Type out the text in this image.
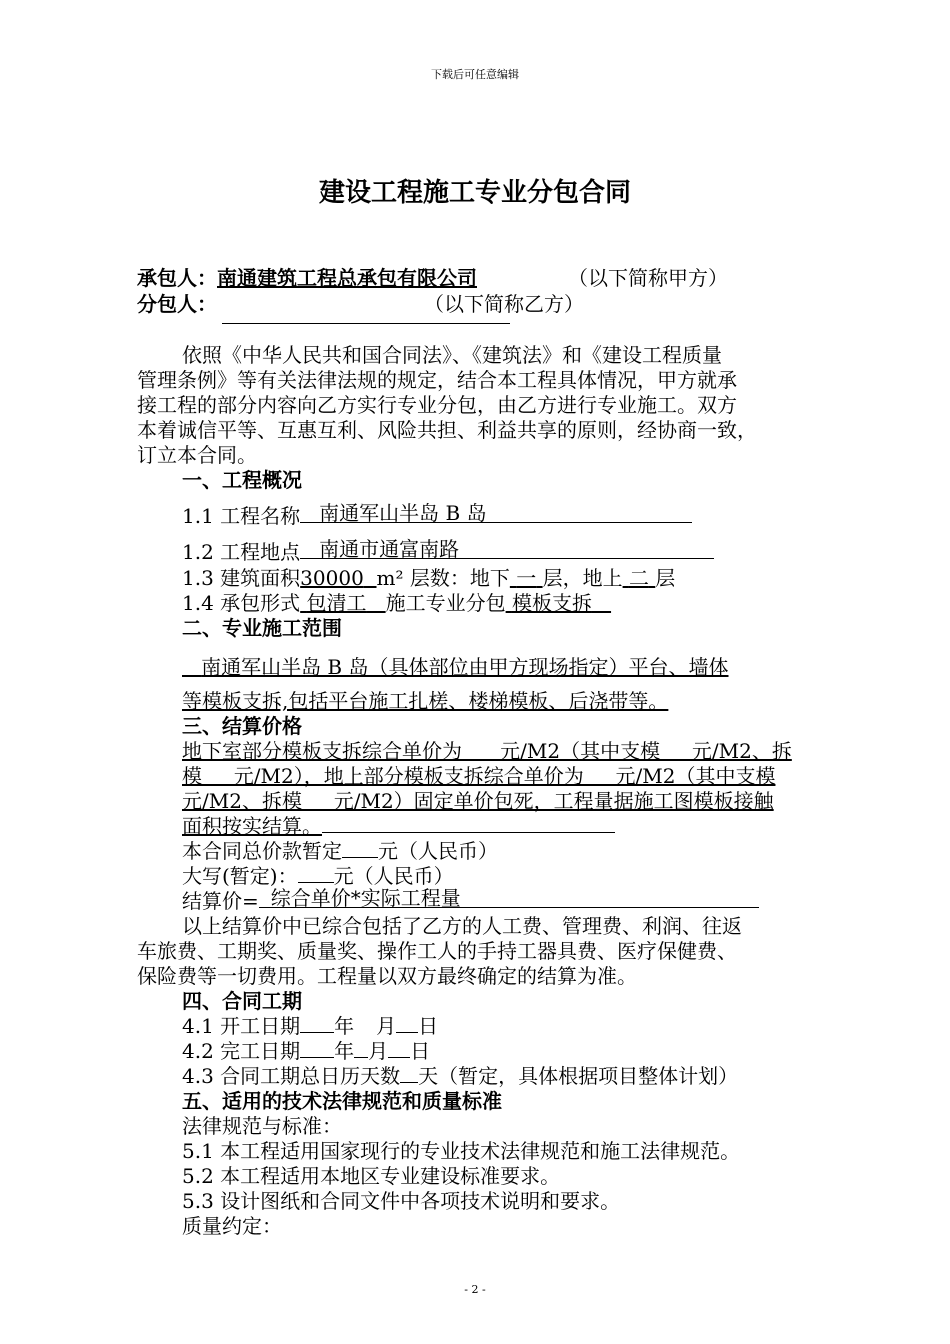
下载后可任意编辑
建设工程施工专业分包合同
承包人：南通建筑工程总承包有限公司	（以下简称甲方）
分包人：	（以下简称乙方）
依照《中华人民共和国合同法》、《建筑法》和《建设工程质量
管理条例》等有关法律法规的规定，结合本工程具体情况，甲方就承
接工程的部分内容向乙方实行专业分包，由乙方进行专业施工。双方
本着诚信平等、互惠互利、风险共担、利益共享的原则，经协商一致，
订立本合同。
一、工程概况
1.1 工程名称 南通军山半岛 B 岛
1.2 工程地点 南通市通富南路
1.3 建筑面积30000 m² 层数：地下 一 层，地上 二 层
1.4 承包形式 包清工 施工专业分包 模板支拆
二、专业施工范围
南通军山半岛 B 岛（具体部位由甲方现场指定）平台、墙体
等模板支拆,包括平台施工扎槎、楼梯模板、后浇带等。
三、结算价格
地下室部分模板支拆综合单价为      元/M2（其中支模     元/M2、拆
模     元/M2），地上部分模板支拆综合单价为     元/M2（其中支模
元/M2、拆模     元/M2）固定单价包死，工程量据施工图模板接触
面积按实结算。
本合同总价款暂定 元（人民币）
大写(暂定)： 元（人民币）
结算价= 综合单价*实际工程量
以上结算价中已综合包括了乙方的人工费、管理费、利润、往返
车旅费、工期奖、质量奖、操作工人的手持工器具费、医疗保健费、
保险费等一切费用。工程量以双方最终确定的结算为准。
四、合同工期
4.1 开工日期 年 月 日
4.2 完工日期 年 月 日
4.3 合同工期总日历天数 天（暂定，具体根据项目整体计划）
五、适用的技术法律规范和质量标准
法律规范与标准：
5.1 本工程适用国家现行的专业技术法律规范和施工法律规范。
5.2 本工程适用本地区专业建设标准要求。
5.3 设计图纸和合同文件中各项技术说明和要求。
质量约定：
- 2 -
